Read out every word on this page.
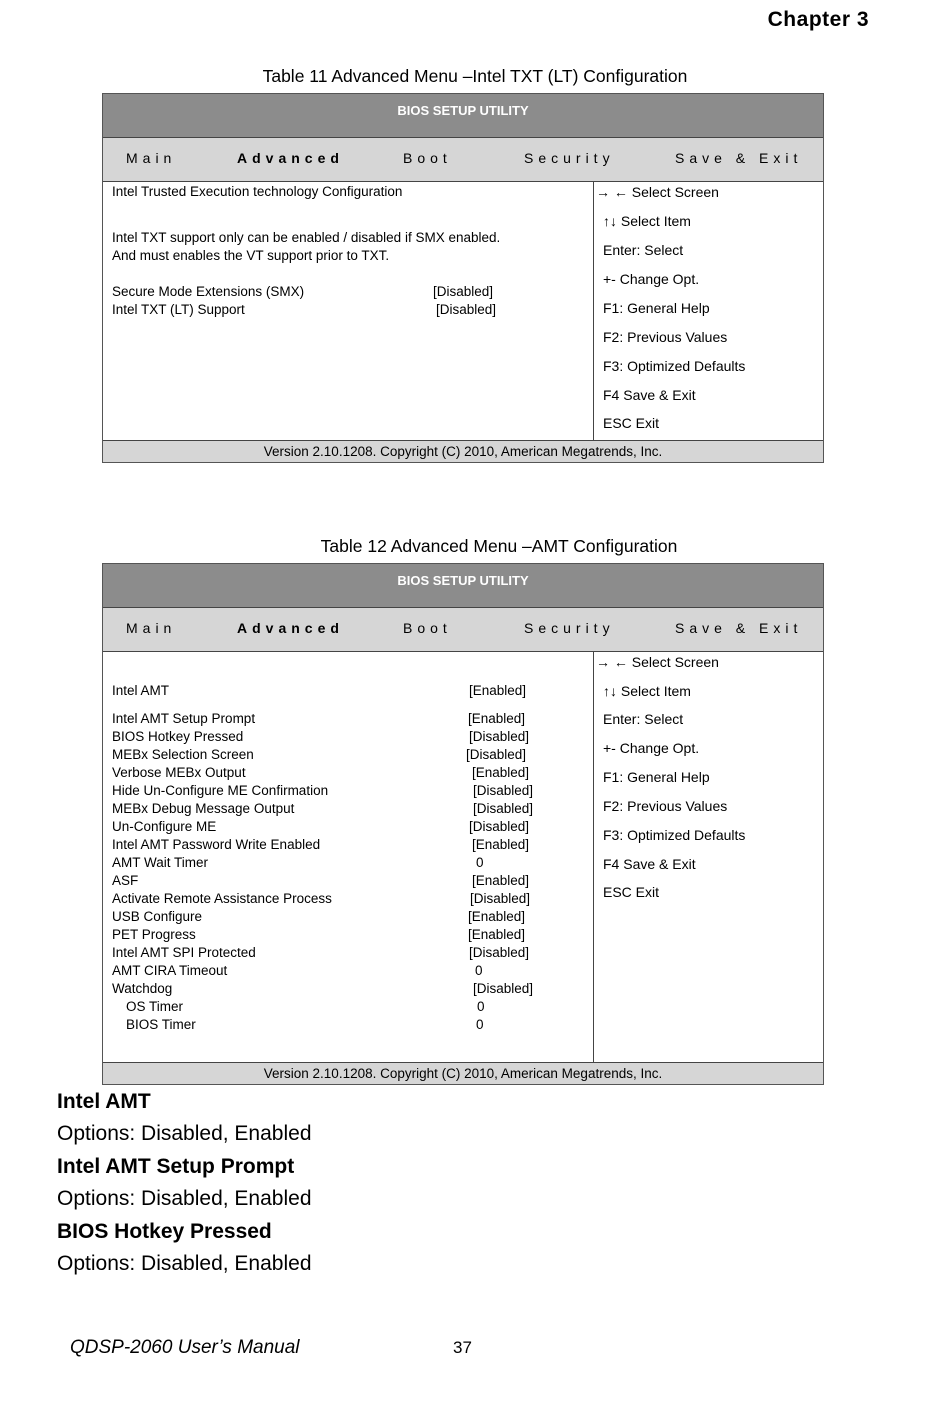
Chapter 3
Table 11 Advanced Menu –Intel TXT (LT) Configuration
BIOS SETUP UTILITY
Main	Advanced	Boot	Security	Save & Exit
Intel Trusted Execution technology Configuration
Intel TXT support only can be enabled / disabled if SMX enabled.
And must enables the VT support prior to TXT.
Secure Mode Extensions (SMX)	[Disabled]
Intel TXT (LT) Support	[Disabled]
→ ← Select Screen
↑↓ Select Item
Enter: Select
+- Change Opt.
F1: General Help
F2: Previous Values
F3: Optimized Defaults
F4 Save & Exit
ESC Exit
Version 2.10.1208. Copyright (C) 2010, American Megatrends, Inc.
Table 12 Advanced Menu –AMT Configuration
BIOS SETUP UTILITY
Main	Advanced	Boot	Security	Save & Exit
Intel AMT	[Enabled]
Intel AMT Setup Prompt	[Enabled]
BIOS Hotkey Pressed	[Disabled]
MEBx Selection Screen	[Disabled]
Verbose MEBx Output	[Enabled]
Hide Un-Configure ME Confirmation	[Disabled]
MEBx Debug Message Output	[Disabled]
Un-Configure ME	[Disabled]
Intel AMT Password Write Enabled	[Enabled]
AMT Wait Timer	0
ASF	[Enabled]
Activate Remote Assistance Process	[Disabled]
USB Configure	[Enabled]
PET Progress	[Enabled]
Intel AMT SPI Protected	[Disabled]
AMT CIRA Timeout	0
Watchdog	[Disabled]
OS Timer	0
BIOS Timer	0
→ ← Select Screen
↑↓ Select Item
Enter: Select
+- Change Opt.
F1: General Help
F2: Previous Values
F3: Optimized Defaults
F4 Save & Exit
ESC Exit
Version 2.10.1208. Copyright (C) 2010, American Megatrends, Inc.
Intel AMT
Options: Disabled, Enabled
Intel AMT Setup Prompt
Options: Disabled, Enabled
BIOS Hotkey Pressed
Options: Disabled, Enabled
QDSP-2060 User’s Manual	37
